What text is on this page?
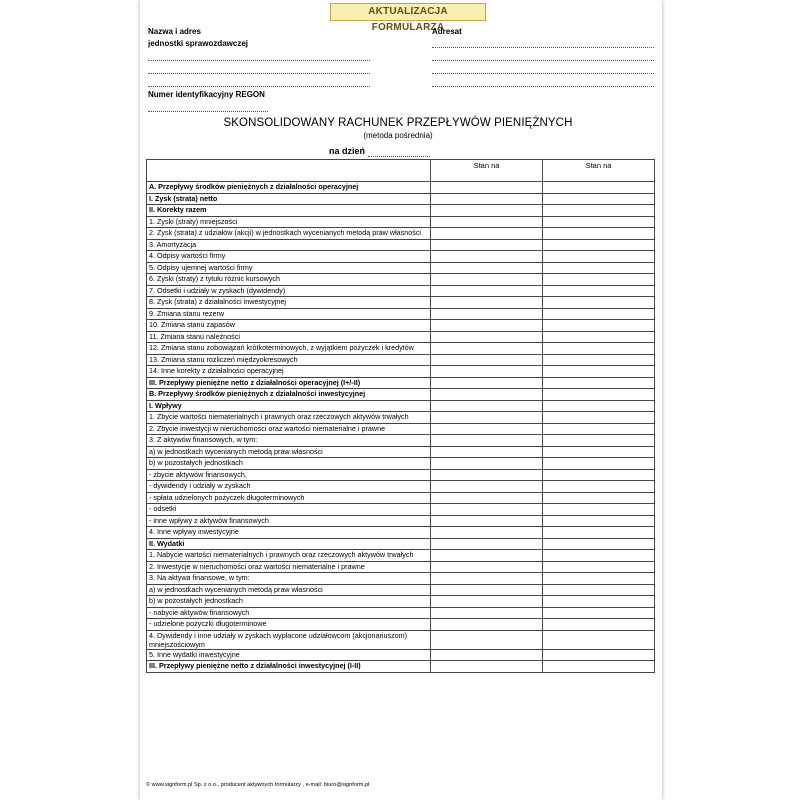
AKTUALIZACJA FORMULARZA
Nazwa i adres
jednostki sprawozdawczej
Adresat
Numer identyfikacyjny REGON
SKONSOLIDOWANY RACHUNEK PRZEPŁYWÓW PIENIĘŻNYCH
(metoda pośrednia)
na dzień
	Stan na	Stan na
A. Przepływy środków pieniężnych z działalności operacyjnej		
I. Zysk (strata) netto		
II. Korekty razem		
1. Zyski (straty) mniejszości		
2. Zysk (strata) z udziałów (akcji) w jednostkach wycenianych metodą praw własności		
3. Amortyzacja		
4. Odpisy wartości firmy		
5. Odpisy ujemnej wartości firmy		
6. Zyski (straty) z tytułu różnic kursowych		
7. Odsetki i udziały w zyskach (dywidendy)		
8. Zysk (strata) z działalności inwestycyjnej		
9. Zmiana stanu rezerw		
10. Zmiana stanu zapasów		
11. Zmiana stanu należności		
12. Zmiana stanu zobowiązań krótkoterminowych, z wyjątkiem pożyczek i kredytów		
13. Zmiana stanu rozliczeń międzyokresowych		
14. Inne korekty z działalności operacyjnej		
III. Przepływy pieniężne netto z działalności operacyjnej (I+/-II)		
B. Przepływy środków pieniężnych z działalności inwestycyjnej		
I. Wpływy		
1. Zbycie wartości niematerialnych i prawnych oraz rzeczowych aktywów trwałych		
2. Zbycie inwestycji w nieruchomości oraz wartości niematerialne i prawne		
3. Z aktywów finansowych, w tym:		
a) w jednostkach wycenianych metodą praw własności		
b) w pozostałych jednostkach		
- zbycie aktywów finansowych,		
- dywidendy i udziały w zyskach		
- spłata udzielonych pożyczek długoterminowych		
- odsetki		
- inne wpływy z aktywów finansowych		
4. Inne wpływy inwestycyjne		
II. Wydatki		
1. Nabycie wartości niematerialnych i prawnych oraz rzeczowych aktywów trwałych		
2. Inwestycje w nieruchomości oraz wartości niematerialne i prawne		
3. Na aktywa finansowe, w tym:		
a) w jednostkach wycenianych metodą praw własności		
b) w pozostałych jednostkach		
- nabycie aktywów finansowych		
- udzielone pożyczki długoterminowe		
4. Dywidendy i inne udziały w zyskach wypłacone udziałowcom (akcjonariuszom) mniejszościowym		
5. Inne wydatki inwestycyjne		
III. Przepływy pieniężne netto z działalności inwestycyjnej (I-II)		
© www.signform.pl Sp. z o.o., producent aktywnych formularzy , e-mail: biuro@signform.pl
